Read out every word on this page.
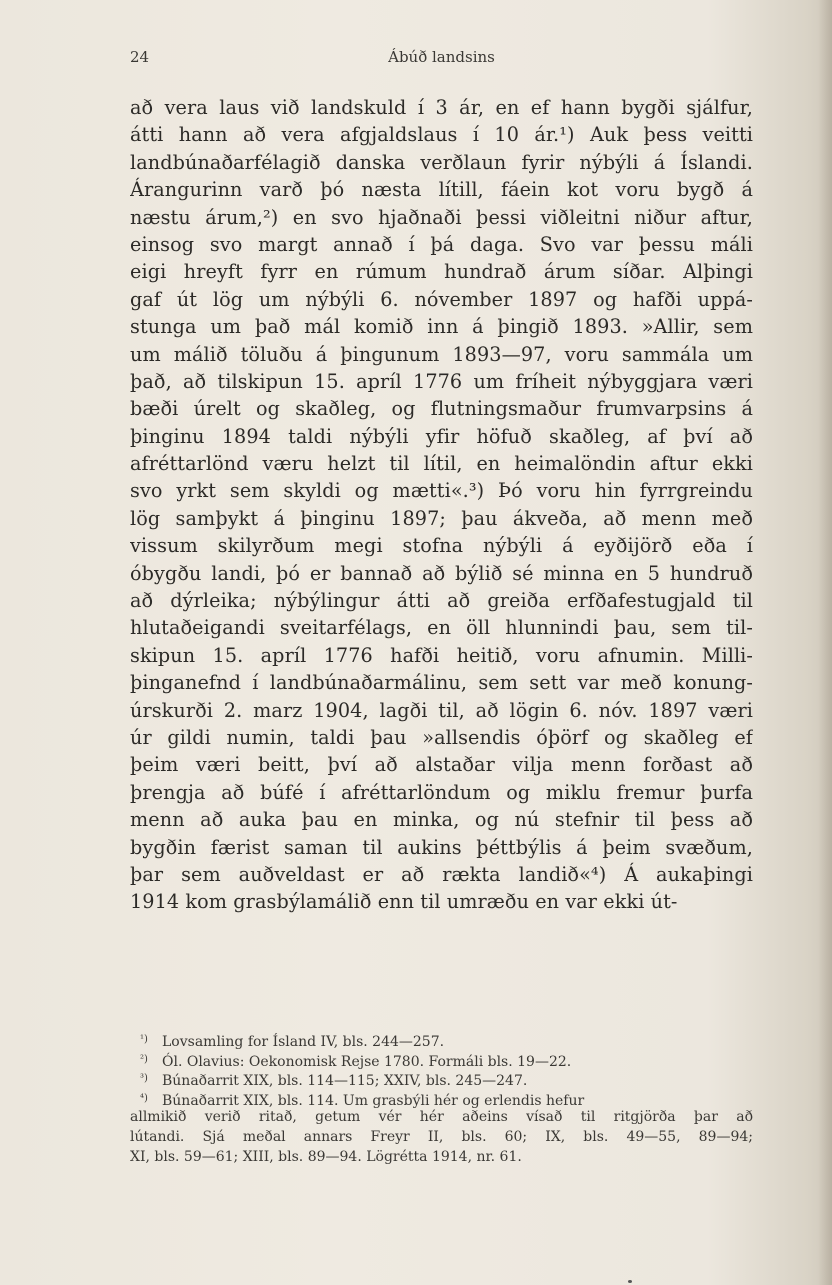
24	Ábúð landsins
að vera laus við landskuld í 3 ár, en ef hann bygði sjálfur,
átti hann að vera afgjaldslaus í 10 ár.¹) Auk þess veitti
landbúnaðarfélagið danska verðlaun fyrir nýbýli á Íslandi.
Árangurinn varð þó næsta lítill, fáein kot voru bygð á
næstu árum,²) en svo hjaðnaði þessi viðleitni niður aftur,
einsog svo margt annað í þá daga. Svo var þessu máli
eigi hreyft fyrr en rúmum hundrað árum síðar. Alþingi
gaf út lög um nýbýli 6. nóvember 1897 og hafði uppá-
stunga um það mál komið inn á þingið 1893. »Allir, sem
um málið töluðu á þingunum 1893—97, voru sammála um
það, að tilskipun 15. apríl 1776 um fríheit nýbyggjara væri
bæði úrelt og skaðleg, og flutningsmaður frumvarpsins á
þinginu 1894 taldi nýbýli yfir höfuð skaðleg, af því að
afréttarlönd væru helzt til lítil, en heimalöndin aftur ekki
svo yrkt sem skyldi og mætti«.³) Þó voru hin fyrrgreindu
lög samþykt á þinginu 1897; þau ákveða, að menn með
vissum skilyrðum megi stofna nýbýli á eyðijörð eða í
óbygðu landi, þó er bannað að býlið sé minna en 5 hundruð
að dýrleika; nýbýlingur átti að greiða erfðafestugjald til
hlutaðeigandi sveitarfélags, en öll hlunnindi þau, sem til-
skipun 15. apríl 1776 hafði heitið, voru afnumin. Milli-
þinganefnd í landbúnaðarmálinu, sem sett var með konung-
úrskurði 2. marz 1904, lagði til, að lögin 6. nóv. 1897 væri
úr gildi numin, taldi þau »allsendis óþörf og skaðleg ef
þeim væri beitt, því að alstaðar vilja menn forðast að
þrengja að búfé í afréttarlöndum og miklu fremur þurfa
menn að auka þau en minka, og nú stefnir til þess að
bygðin færist saman til aukins þéttbýlis á þeim svæðum,
þar sem auðveldast er að rækta landið«⁴) Á aukaþingi
1914 kom grasbýlamálið enn til umræðu en var ekki út-
¹) Lovsamling for Ísland IV, bls. 244—257.
²) Ól. Olavius: Oekonomisk Rejse 1780. Formáli bls. 19—22.
³) Búnaðarrit XIX, bls. 114—115; XXIV, bls. 245—247.
⁴) Búnaðarrit XIX, bls. 114. Um grasbýli hér og erlendis hefur
allmikið verið ritað, getum vér hér aðeins vísað til ritgjörða þar að
lútandi. Sjá meðal annars Freyr II, bls. 60; IX, bls. 49—55, 89—94;
XI, bls. 59—61; XIII, bls. 89—94. Lögrétta 1914, nr. 61.
